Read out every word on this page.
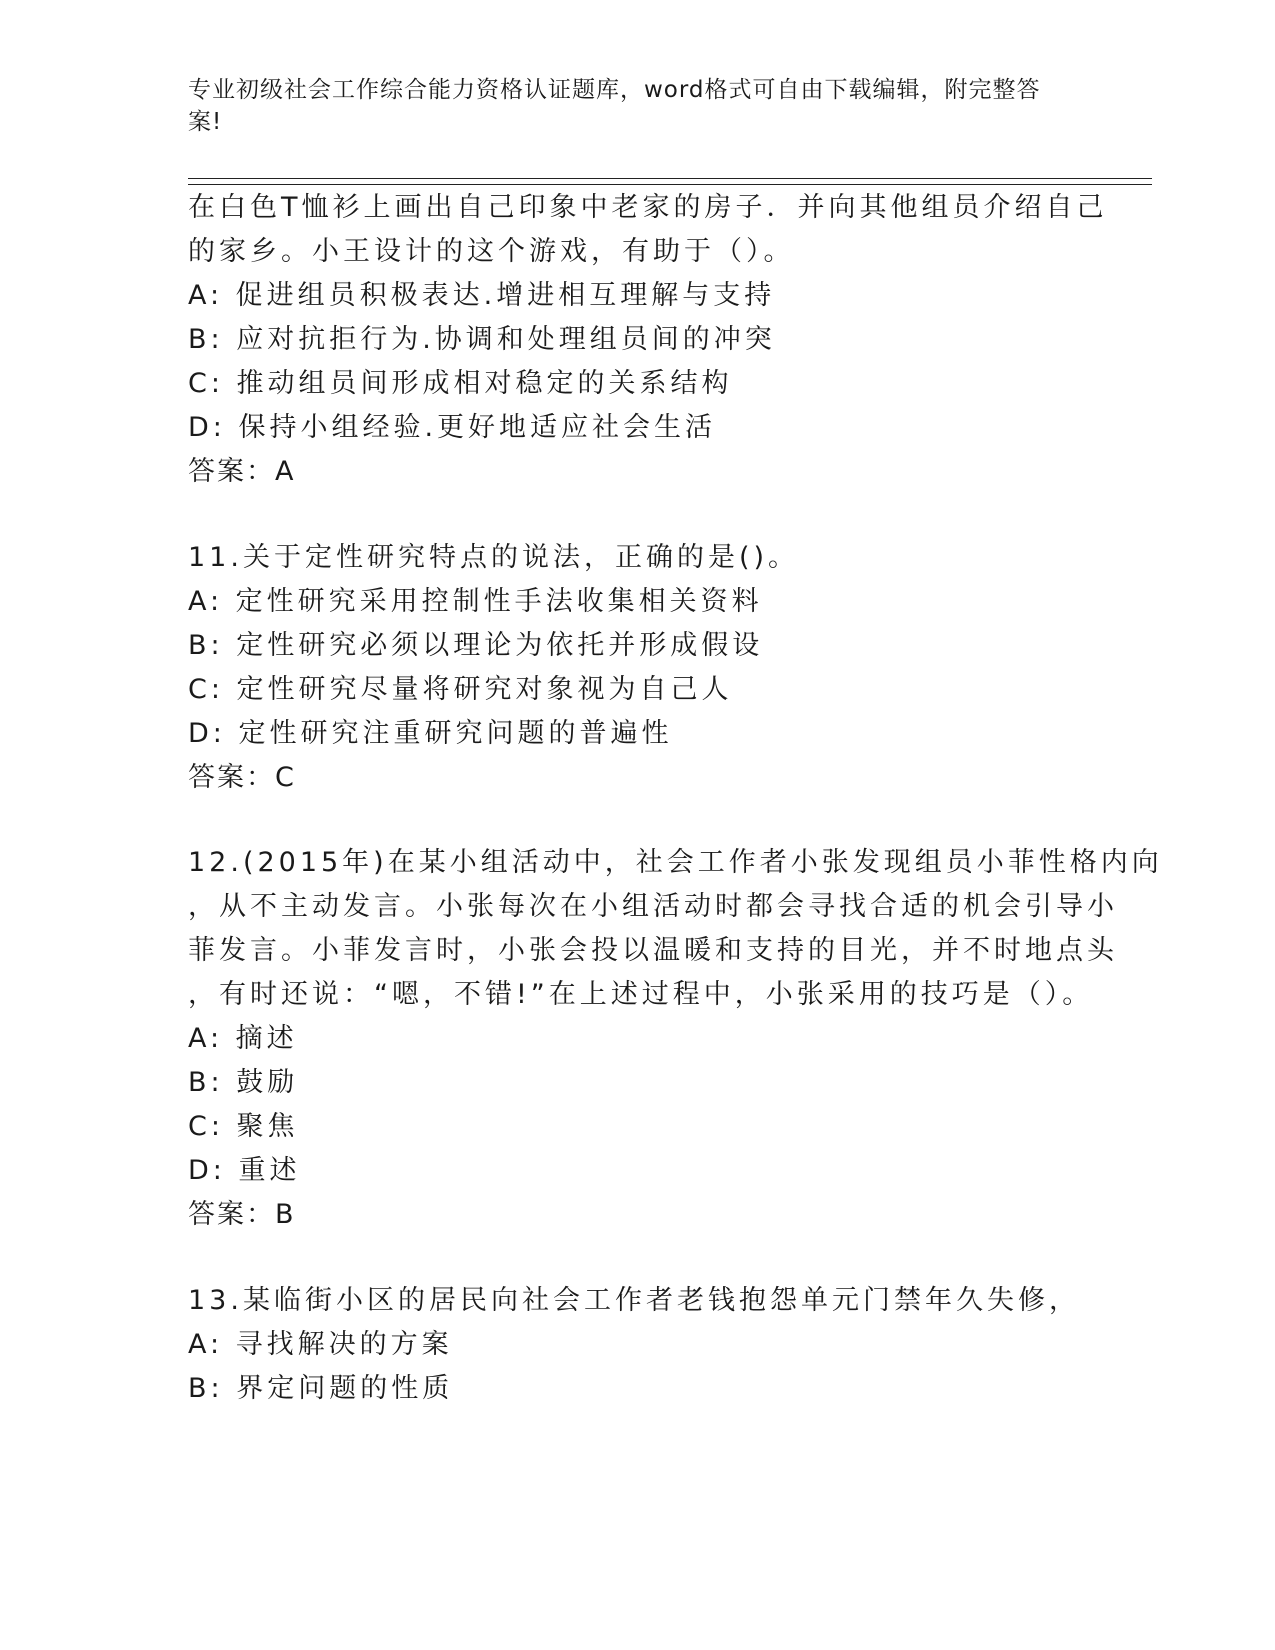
专业初级社会工作综合能力资格认证题库，word格式可自由下载编辑，附完整答
案!
在白色T恤衫上画出自己印象中老家的房子．并向其他组员介绍自己
的家乡。小王设计的这个游戏，有助于（）。
A: 促进组员积极表达.增进相互理解与支持
B: 应对抗拒行为.协调和处理组员间的冲突
C: 推动组员间形成相对稳定的关系结构
D: 保持小组经验.更好地适应社会生活
答案：A
11.关于定性研究特点的说法，正确的是()。
A: 定性研究采用控制性手法收集相关资料
B: 定性研究必须以理论为依托并形成假设
C: 定性研究尽量将研究对象视为自己人
D: 定性研究注重研究问题的普遍性
答案：C
12.(2015年)在某小组活动中，社会工作者小张发现组员小菲性格内向
，从不主动发言。小张每次在小组活动时都会寻找合适的机会引导小
菲发言。小菲发言时，小张会投以温暖和支持的目光，并不时地点头
，有时还说：“嗯，不错!”在上述过程中，小张采用的技巧是（）。
A: 摘述
B: 鼓励
C: 聚焦
D: 重述
答案：B
13.某临街小区的居民向社会工作者老钱抱怨单元门禁年久失修，
A: 寻找解决的方案
B: 界定问题的性质
